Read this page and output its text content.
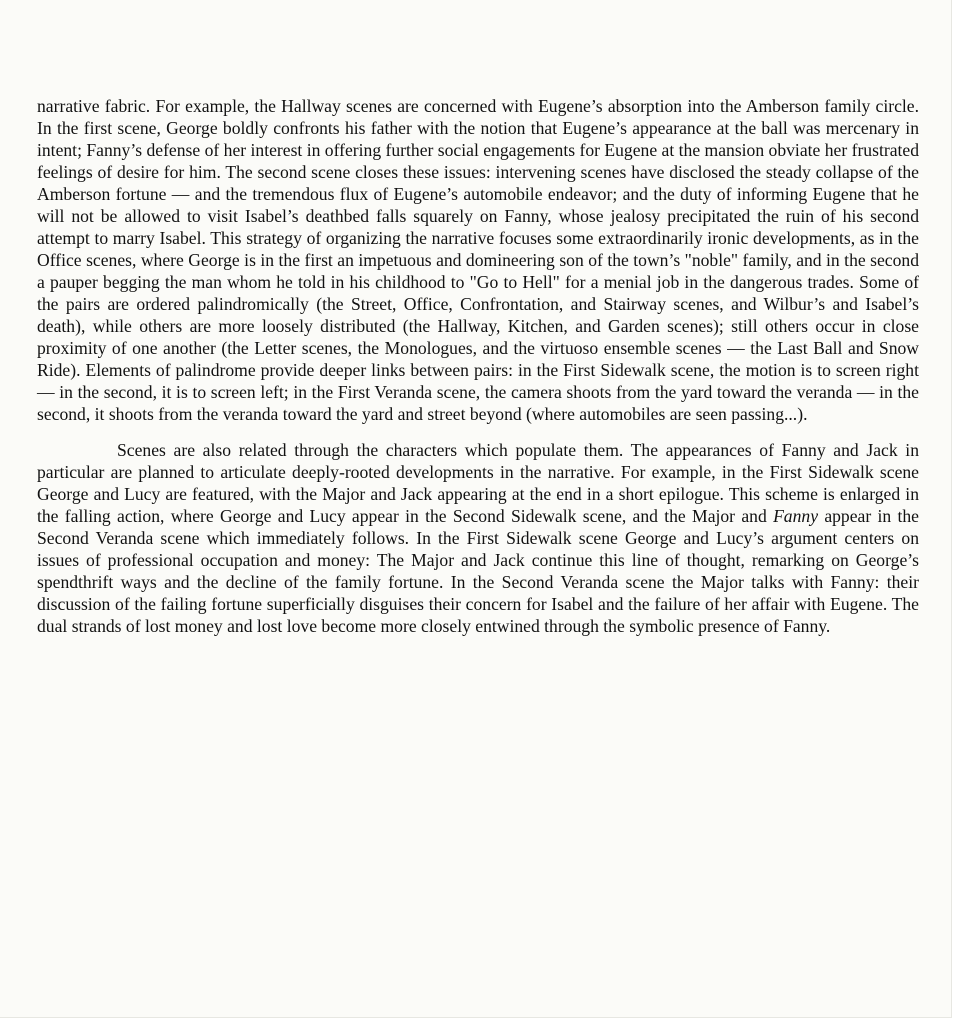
narrative fabric. For example, the Hallway scenes are concerned with Eugene’s absorption into the Amberson family circle. In the first scene, George boldly confronts his father with the notion that Eugene’s appearance at the ball was mercenary in intent; Fanny’s defense of her interest in offering further social engagements for Eugene at the mansion obviate her frustrated feelings of desire for him. The second scene closes these issues: intervening scenes have disclosed the steady collapse of the Amberson fortune — and the tremendous flux of Eugene’s automobile endeavor; and the duty of informing Eugene that he will not be allowed to visit Isabel’s deathbed falls squarely on Fanny, whose jealosy precipitated the ruin of his second attempt to marry Isabel. This strategy of organizing the narrative focuses some extraordinarily ironic developments, as in the Office scenes, where George is in the first an impetuous and domineering son of the town’s "noble" family, and in the second a pauper begging the man whom he told in his childhood to "Go to Hell" for a menial job in the dangerous trades. Some of the pairs are ordered palindromically (the Street, Office, Confrontation, and Stairway scenes, and Wilbur’s and Isabel’s death), while others are more loosely distributed (the Hallway, Kitchen, and Garden scenes); still others occur in close proximity of one another (the Letter scenes, the Monologues, and the virtuoso ensemble scenes — the Last Ball and Snow Ride). Elements of palindrome provide deeper links between pairs: in the First Sidewalk scene, the motion is to screen right — in the second, it is to screen left; in the First Veranda scene, the camera shoots from the yard toward the veranda — in the second, it shoots from the veranda toward the yard and street beyond (where automobiles are seen passing...).

Scenes are also related through the characters which populate them. The appearances of Fanny and Jack in particular are planned to articulate deeply-rooted developments in the narrative. For example, in the First Sidewalk scene George and Lucy are featured, with the Major and Jack appearing at the end in a short epilogue. This scheme is enlarged in the falling action, where George and Lucy appear in the Second Sidewalk scene, and the Major and Fanny appear in the Second Veranda scene which immediately follows. In the First Sidewalk scene George and Lucy’s argument centers on issues of professional occupation and money: The Major and Jack continue this line of thought, remarking on George’s spendthrift ways and the decline of the family fortune. In the Second Veranda scene the Major talks with Fanny: their discussion of the failing fortune superficially disguises their concern for Isabel and the failure of her affair with Eugene. The dual strands of lost money and lost love become more closely entwined through the symbolic presence of Fanny.
